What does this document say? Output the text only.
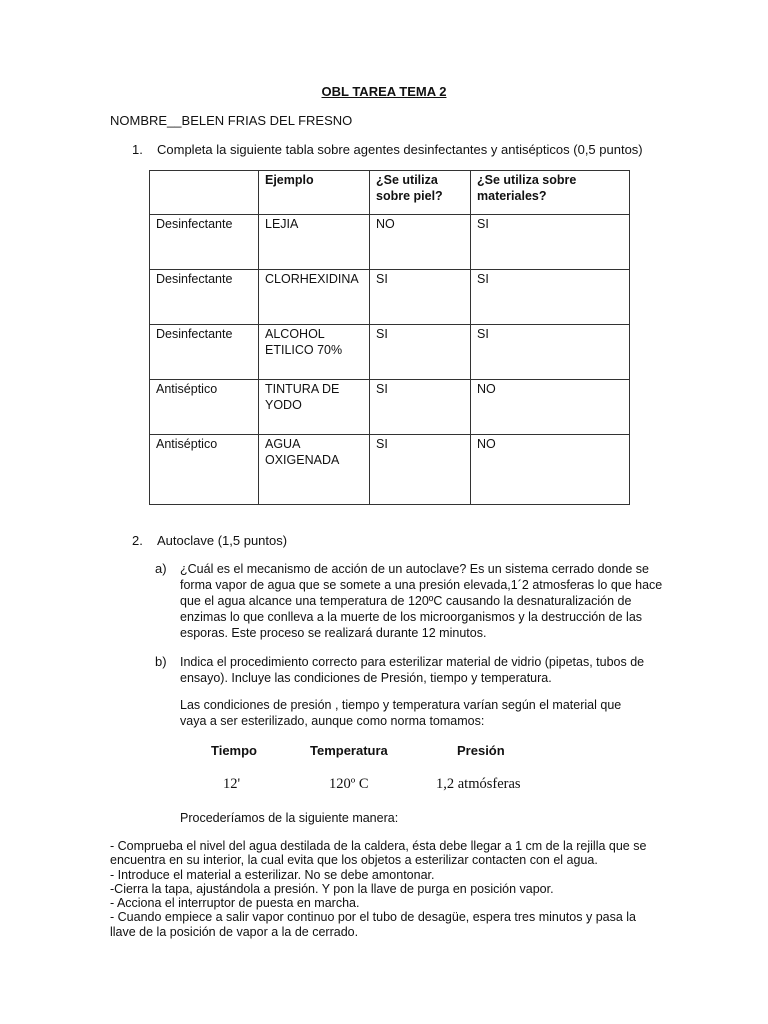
OBL TAREA TEMA 2
NOMBRE__BELEN FRIAS DEL FRESNO
1. Completa la siguiente tabla sobre agentes desinfectantes y antisépticos (0,5 puntos)
	Ejemplo	¿Se utiliza sobre piel?	¿Se utiliza sobre materiales?
Desinfectante	LEJIA	NO	SI
Desinfectante	CLORHEXIDINA	SI	SI
Desinfectante	ALCOHOL ETILICO 70%	SI	SI
Antiséptico	TINTURA DE YODO	SI	NO
Antiséptico	AGUA OXIGENADA	SI	NO
2. Autoclave (1,5 puntos)
a) ¿Cuál es el mecanismo de acción de un autoclave? Es un sistema cerrado donde se forma vapor de agua que se somete a una presión elevada,1´2 atmosferas lo que hace que el agua alcance una temperatura de 120ºC causando la desnaturalización de enzimas lo que conlleva a la muerte de los microorganismos y la destrucción de las esporas. Este proceso se realizará durante 12 minutos.
b) Indica el procedimiento correcto para esterilizar material de vidrio (pipetas, tubos de ensayo). Incluye las condiciones de Presión, tiempo y temperatura.
Las condiciones de presión , tiempo y temperatura varían según el material que vaya a ser esterilizado, aunque como norma tomamos:
Tiempo	Temperatura	Presión
12'	120º C	1,2 atmósferas
Procederíamos de la siguiente manera:
- Comprueba el nivel del agua destilada de la caldera, ésta debe llegar a 1 cm de la rejilla que se encuentra en su interior, la cual evita que los objetos a esterilizar contacten con el agua.
- Introduce el material a esterilizar. No se debe amontonar.
-Cierra la tapa, ajustándola a presión. Y pon la llave de purga en posición vapor.
- Acciona el interruptor de puesta en marcha.
- Cuando empiece a salir vapor continuo por el tubo de desagüe, espera tres minutos y pasa la llave de la posición de vapor a la de cerrado.
